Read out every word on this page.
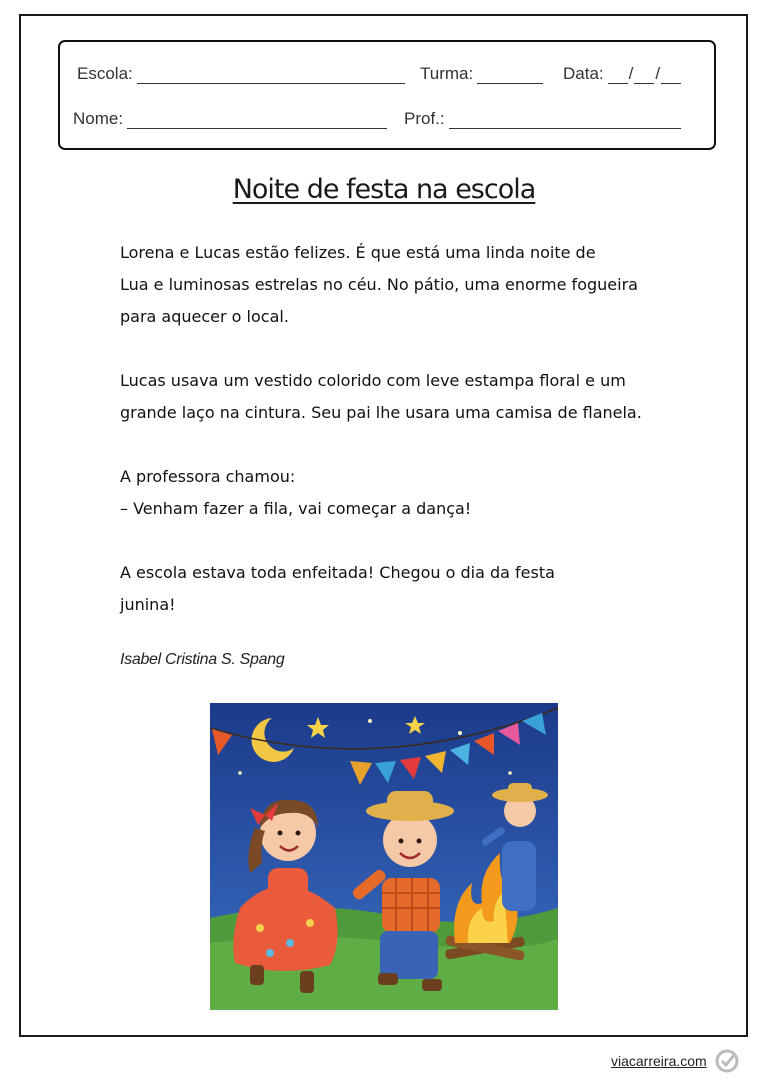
Escola:	Turma:	Data: / /
Nome:	Prof.:
Noite de festa na escola

Lorena e Lucas estão felizes. É que está uma linda noite de

Lua e luminosas estrelas no céu. No pátio, uma enorme fogueira

para aquecer o local.

Lucas usava um vestido colorido com leve estampa floral e um

grande laço na cintura. Seu pai lhe usara uma camisa de flanela.

A professora chamou:

– Venham fazer a fila, vai começar a dança!

A escola estava toda enfeitada! Chegou o dia da festa

junina!

Isabel Cristina S. Spang
viacarreira.com
